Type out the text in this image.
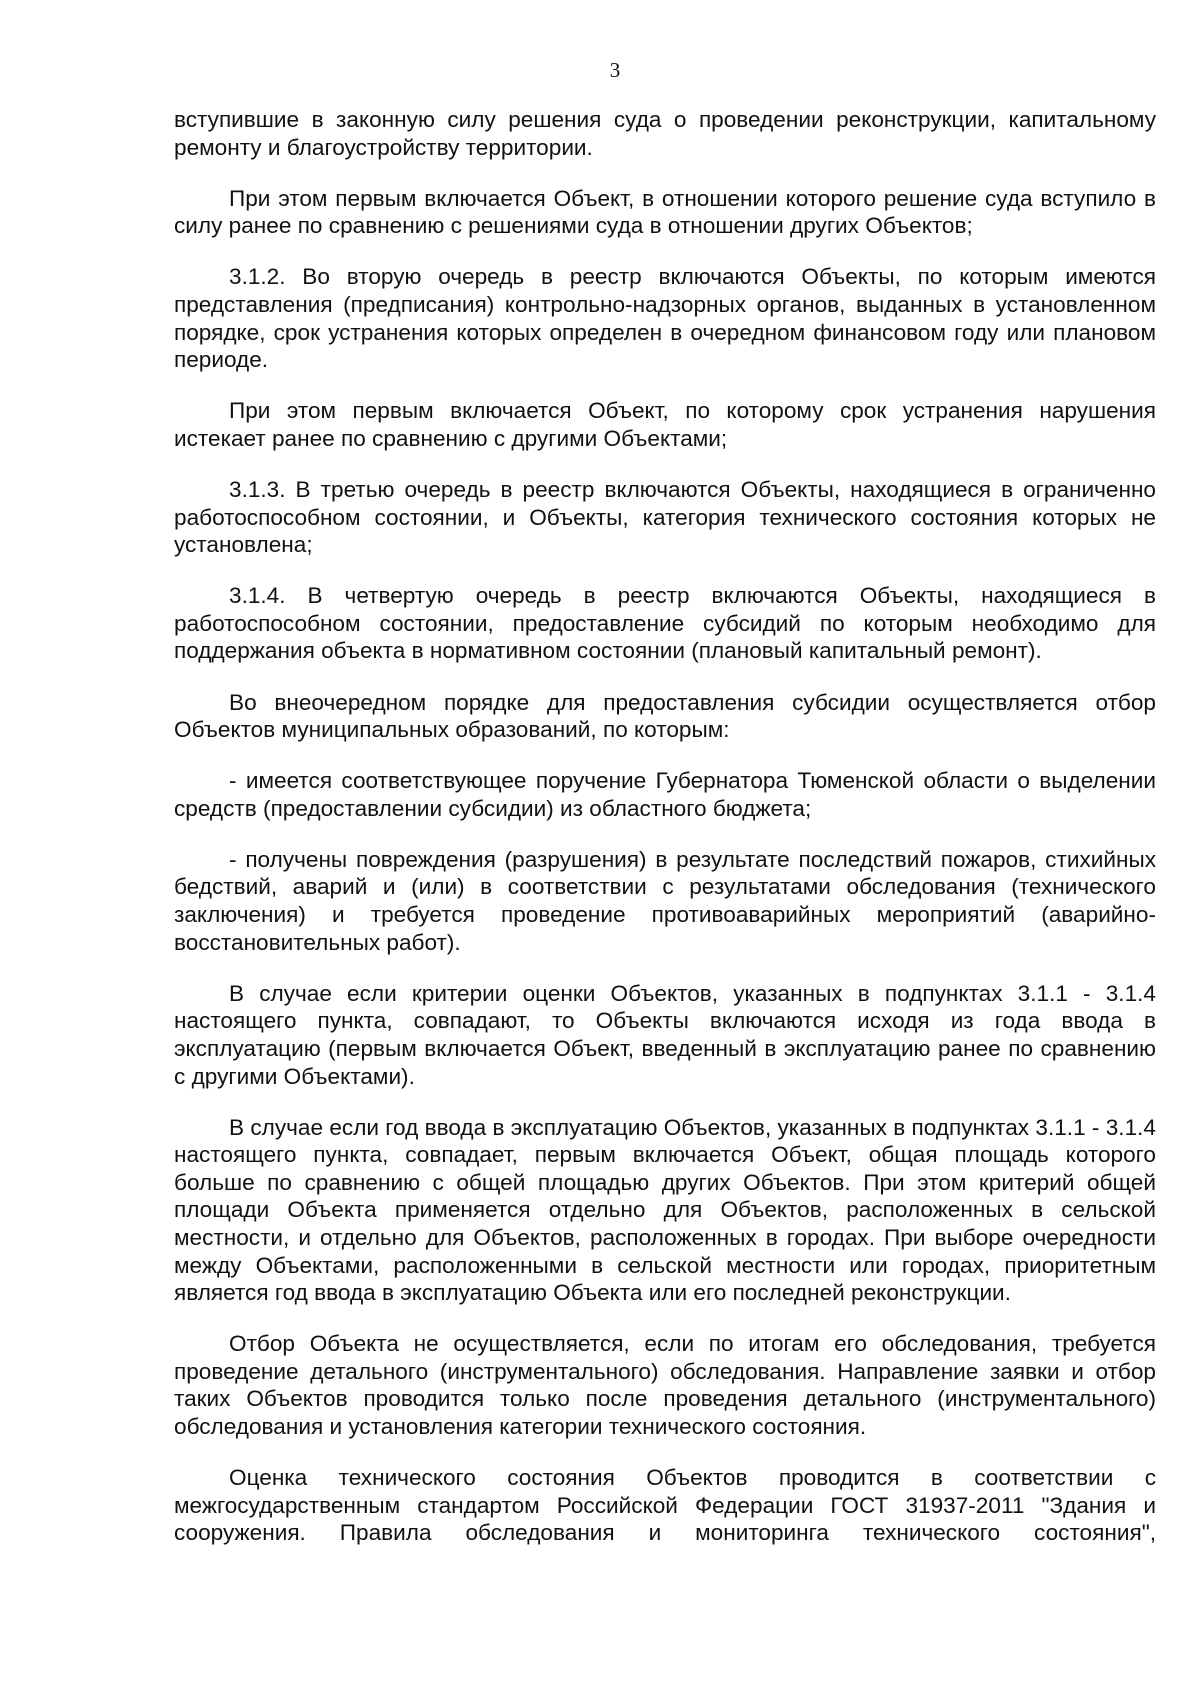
3

вступившие в законную силу решения суда о проведении реконструкции, капитальному ремонту и благоустройству территории.

При этом первым включается Объект, в отношении которого решение суда вступило в силу ранее по сравнению с решениями суда в отношении других Объектов;

3.1.2. Во вторую очередь в реестр включаются Объекты, по которым имеются представления (предписания) контрольно-надзорных органов, выданных в установленном порядке, срок устранения которых определен в очередном финансовом году или плановом периоде.

При этом первым включается Объект, по которому срок устранения нарушения истекает ранее по сравнению с другими Объектами;

3.1.3. В третью очередь в реестр включаются Объекты, находящиеся в ограниченно работоспособном состоянии, и Объекты, категория технического состояния которых не установлена;

3.1.4. В четвертую очередь в реестр включаются Объекты, находящиеся в работоспособном состоянии, предоставление субсидий по которым необходимо для поддержания объекта в нормативном состоянии (плановый капитальный ремонт).

Во внеочередном порядке для предоставления субсидии осуществляется отбор Объектов муниципальных образований, по которым:

- имеется соответствующее поручение Губернатора Тюменской области о выделении средств (предоставлении субсидии) из областного бюджета;

- получены повреждения (разрушения) в результате последствий пожаров, стихийных бедствий, аварий и (или) в соответствии с результатами обследования (технического заключения) и требуется проведение противоаварийных мероприятий (аварийно-восстановительных работ).

В случае если критерии оценки Объектов, указанных в подпунктах 3.1.1 - 3.1.4 настоящего пункта, совпадают, то Объекты включаются исходя из года ввода в эксплуатацию (первым включается Объект, введенный в эксплуатацию ранее по сравнению с другими Объектами).

В случае если год ввода в эксплуатацию Объектов, указанных в подпунктах 3.1.1 - 3.1.4 настоящего пункта, совпадает, первым включается Объект, общая площадь которого больше по сравнению с общей площадью других Объектов. При этом критерий общей площади Объекта применяется отдельно для Объектов, расположенных в сельской местности, и отдельно для Объектов, расположенных в городах. При выборе очередности между Объектами, расположенными в сельской местности или городах, приоритетным является год ввода в эксплуатацию Объекта или его последней реконструкции.

Отбор Объекта не осуществляется, если по итогам его обследования, требуется проведение детального (инструментального) обследования. Направление заявки и отбор таких Объектов проводится только после проведения детального (инструментального) обследования и установления категории технического состояния.

Оценка технического состояния Объектов проводится в соответствии с межгосударственным стандартом Российской Федерации ГОСТ 31937-2011 "Здания и сооружения. Правила обследования и мониторинга технического состояния",
